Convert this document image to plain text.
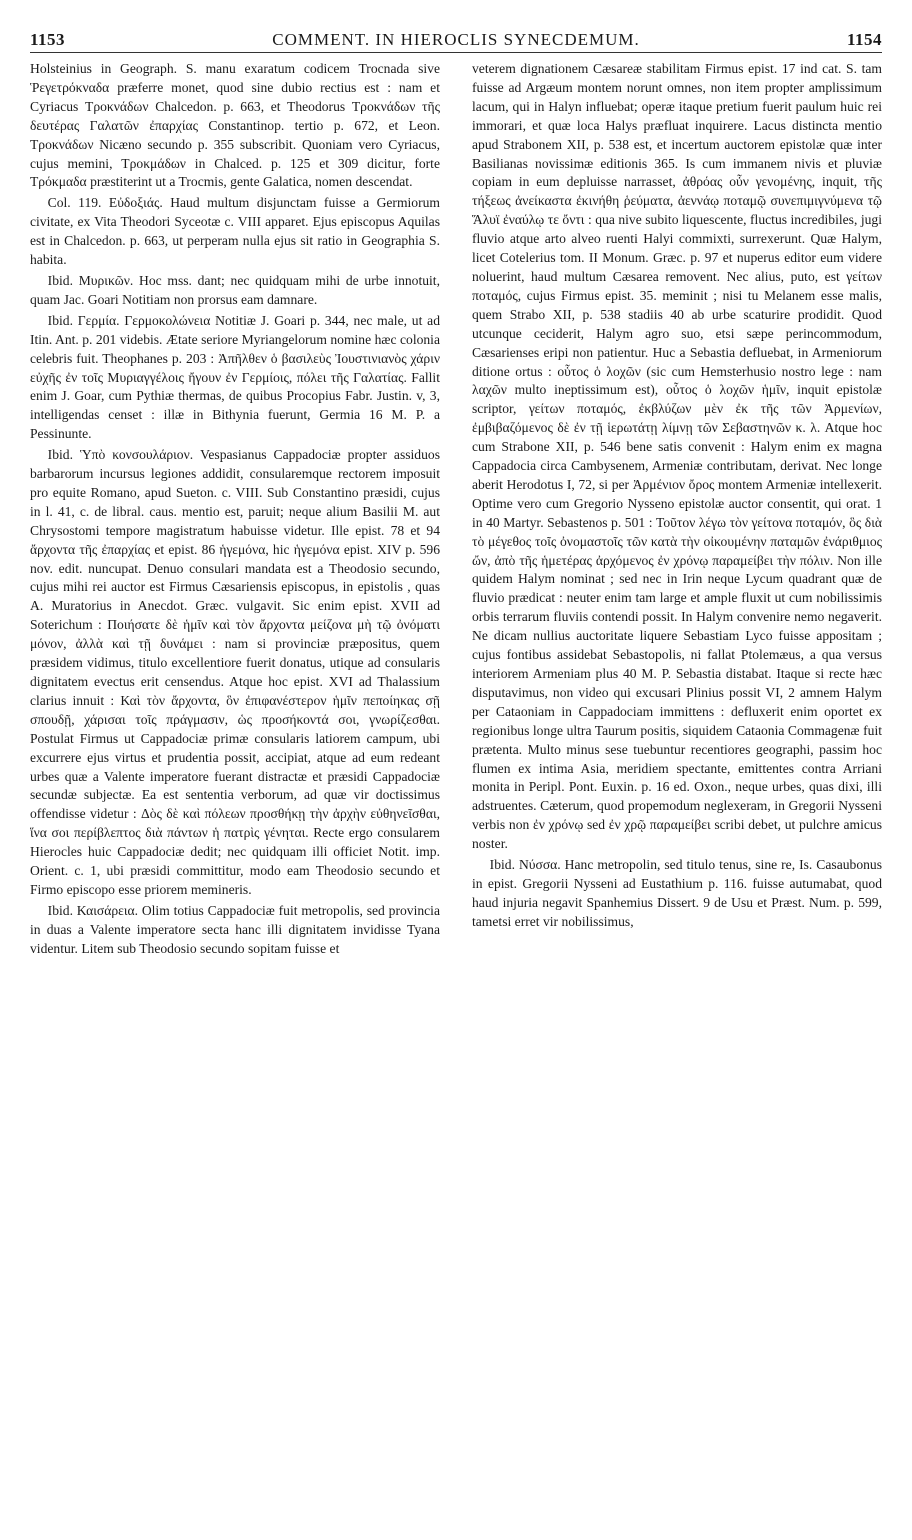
1153	COMMENT. IN HIEROCLIS SYNECDEMUM.	1154

Holsteinius in Geograph. S. manu exaratum codicem Trocnada sive Ῥεγετρόκναδα præferre monet, quod sine dubio rectius est : nam et Cyriacus Τροκνάδων Chalcedon. p. 663, et Theodorus Τροκνάδων τῆς δευτέρας Γαλατῶν ἐπαρχίας Constantinop. tertio p. 672, et Leon. Τροκνάδων Nicæno secundo p. 355 subscribit. Quoniam vero Cyriacus, cujus memini, Τροκμάδων in Chalced. p. 125 et 309 dicitur, forte Τρόκμαδα præstiterint ut a Trocmis, gente Galatica, nomen descendat.

Col. 119. Εὐδοξιάς. Haud multum disjunctam fuisse a Germiorum civitate, ex Vita Theodori Syceotæ c. VIII apparet. Ejus episcopus Aquilas est in Chalcedon. p. 663, ut perperam nulla ejus sit ratio in Geographia S. habita.

Ibid. Μυρικῶν. Hoc mss. dant; nec quidquam mihi de urbe innotuit, quam Jac. Goari Notitiam non prorsus eam damnare.

Ibid. Γερμία. Γερμοκολώνεια Notitiæ J. Goari p. 344, nec male, ut ad Itin. Ant. p. 201 videbis. Ætate seriore Myriangelorum nomine hæc colonia celebris fuit. Theophanes p. 203 : Ἀπῆλθεν ὁ βασιλεὺς Ἰουστινιανὸς χάριν εὐχῆς ἐν τοῖς Μυριαγγέλοις ἤγουν ἐν Γερμίοις, πόλει τῆς Γαλατίας. Fallit enim J. Goar, cum Pythiæ thermas, de quibus Procopius Fabr. Justin. v, 3, intelligendas censet : illæ in Bithynia fuerunt, Germia 16 M. P. a Pessinunte.

Ibid. Ὑπὸ κονσουλάριον. Vespasianus Cappadociæ propter assiduos barbarorum incursus legiones addidit, consularemque rectorem imposuit pro equite Romano, apud Sueton. c. VIII. Sub Constantino præsidi, cujus in l. 41, c. de libral. caus. mentio est, paruit; neque alium Basilii M. aut Chrysostomi tempore magistratum habuisse videtur. Ille epist. 78 et 94 ἄρχοντα τῆς ἐπαρχίας et epist. 86 ἡγεμόνα, hic ἡγεμόνα epist. XIV p. 596 nov. edit. nuncupat. Denuo consulari mandata est a Theodosio secundo, cujus mihi rei auctor est Firmus Cæsariensis episcopus, in epistolis , quas A. Muratorius in Anecdot. Græc. vulgavit. Sic enim epist. XVII ad Soterichum : Ποιήσατε δὲ ἡμῖν καὶ τὸν ἄρχοντα μείζονα μὴ τῷ ὀνόματι μόνον, ἀλλὰ καὶ τῇ δυνάμει : nam si provinciæ præpositus, quem præsidem vidimus, titulo excellentiore fuerit donatus, utique ad consularis dignitatem evectus erit censendus. Atque hoc epist. XVI ad Thalassium clarius innuit : Καὶ τὸν ἄρχοντα, ὃν ἐπιφανέστερον ἡμῖν πεποίηκας σῇ σπουδῇ, χάρισαι τοῖς πράγμασιν, ὡς προσήκοντά σοι, γνωρίζεσθαι. Postulat Firmus ut Cappadociæ primæ consularis latiorem campum, ubi excurrere ejus virtus et prudentia possit, accipiat, atque ad eum redeant urbes quæ a Valente imperatore fuerant distractæ et præsidi Cappadociæ secundæ subjectæ. Ea est sententia verborum, ad quæ vir doctissimus offendisse videtur : Δὸς δὲ καὶ πόλεων προσθήκῃ τὴν ἀρχὴν εὐθηνεῖσθαι, ἵνα σοι περίβλεπτος διὰ πάντων ἡ πατρὶς γένηται. Recte ergo consularem Hierocles huic Cappadociæ dedit; nec quidquam illi officiet Notit. imp. Orient. c. 1, ubi præsidi committitur, modo eam Theodosio secundo et Firmo episcopo esse priorem memineris.

Ibid. Καισάρεια. Olim totius Cappadociæ fuit metropolis, sed provincia in duas a Valente imperatore secta hanc illi dignitatem invidisse Tyana videntur. Litem sub Theodosio secundo sopitam fuisse et

veterem dignationem Cæsareæ stabilitam Firmus epist. 17 ind cat. S. tam fuisse ad Argæum montem norunt omnes, non item propter amplissimum lacum, qui in Halyn influebat; operæ itaque pretium fuerit paulum huic rei immorari, et quæ loca Halys præfluat inquirere. Lacus distincta mentio apud Strabonem XII, p. 538 est, et incertum auctorem epistolæ quæ inter Basilianas novissimæ editionis 365. Is cum immanem nivis et pluviæ copiam in eum depluisse narrasset, ἀθρόας οὖν γενομένης, inquit, τῆς τήξεως ἀνείκαστα ἐκινήθη ῥεύματα, ἀεννάῳ ποταμῷ συνεπιμιγνύμενα τῷ Ἅλυϊ ἐναύλῳ τε ὄντι : qua nive subito liquescente, fluctus incredibiles, jugi fluvio atque arto alveo ruenti Halyi commixti, surrexerunt. Quæ Halym, licet Cotelerius tom. II Monum. Græc. p. 97 et nuperus editor eum videre noluerint, haud multum Cæsarea removent. Nec alius, puto, est γείτων ποταμός, cujus Firmus epist. 35. meminit ; nisi tu Melanem esse malis, quem Strabo XII, p. 538 stadiis 40 ab urbe scaturire prodidit. Quod utcunque ceciderit, Halym agro suo, etsi sæpe perincommodum, Cæsarienses eripi non patientur. Huc a Sebastia defluebat, in Armeniorum ditione ortus : οὗτος ὁ λοχῶν (sic cum Hemsterhusio nostro lege : nam λαχῶν multo ineptissimum est), οὗτος ὁ λοχῶν ἡμῖν, inquit epistolæ scriptor, γείτων ποταμός, ἐκβλύζων μὲν ἐκ τῆς τῶν Ἀρμενίων, ἐμβιβαζόμενος δὲ ἐν τῇ ἱερωτάτῃ λίμνῃ τῶν Σεβαστηνῶν κ. λ. Atque hoc cum Strabone XII, p. 546 bene satis convenit : Halym enim ex magna Cappadocia circa Cambysenem, Armeniæ contributam, derivat. Nec longe aberit Herodotus I, 72, si per Ἀρμένιον ὄρος montem Armeniæ intellexerit. Optime vero cum Gregorio Nysseno epistolæ auctor consentit, qui orat. 1 in 40 Martyr. Sebastenos p. 501 : Τοῦτον λέγω τὸν γείτονα ποταμόν, ὃς διὰ τὸ μέγεθος τοῖς ὀνομαστοῖς τῶν κατὰ τὴν οἰκουμένην παταμῶν ἐνάριθμιος ὤν, ἀπὸ τῆς ἡμετέρας ἀρχόμενος ἐν χρόνῳ παραμείβει τὴν πόλιν. Non ille quidem Halym nominat ; sed nec in Irin neque Lycum quadrant quæ de fluvio prædicat : neuter enim tam large et ample fluxit ut cum nobilissimis orbis terrarum fluviis contendi possit. In Halym convenire nemo negaverit. Ne dicam nullius auctoritate liquere Sebastiam Lyco fuisse appositam ; cujus fontibus assidebat Sebastopolis, ni fallat Ptolemæus, a qua versus interiorem Armeniam plus 40 M. P. Sebastia distabat. Itaque si recte hæc disputavimus, non video qui excusari Plinius possit VI, 2 amnem Halym per Cataoniam in Cappadociam immittens : defluxerit enim oportet ex regionibus longe ultra Taurum positis, siquidem Cataonia Commagenæ fuit prætenta. Multo minus sese tuebuntur recentiores geographi, passim hoc flumen ex intima Asia, meridiem spectante, emittentes contra Arriani monita in Peripl. Pont. Euxin. p. 16 ed. Oxon., neque urbes, quas dixi, illi adstruentes. Cæterum, quod propemodum neglexeram, in Gregorii Nysseni verbis non ἐν χρόνῳ sed ἐν χρῷ παραμείβει scribi debet, ut pulchre amicus noster.

Ibid. Νύσσα. Hanc metropolin, sed titulo tenus, sine re, Is. Casaubonus in epist. Gregorii Nysseni ad Eustathium p. 116. fuisse autumabat, quod haud injuria negavit Spanhemius Dissert. 9 de Usu et Præst. Num. p. 599, tametsi erret vir nobilissimus,
